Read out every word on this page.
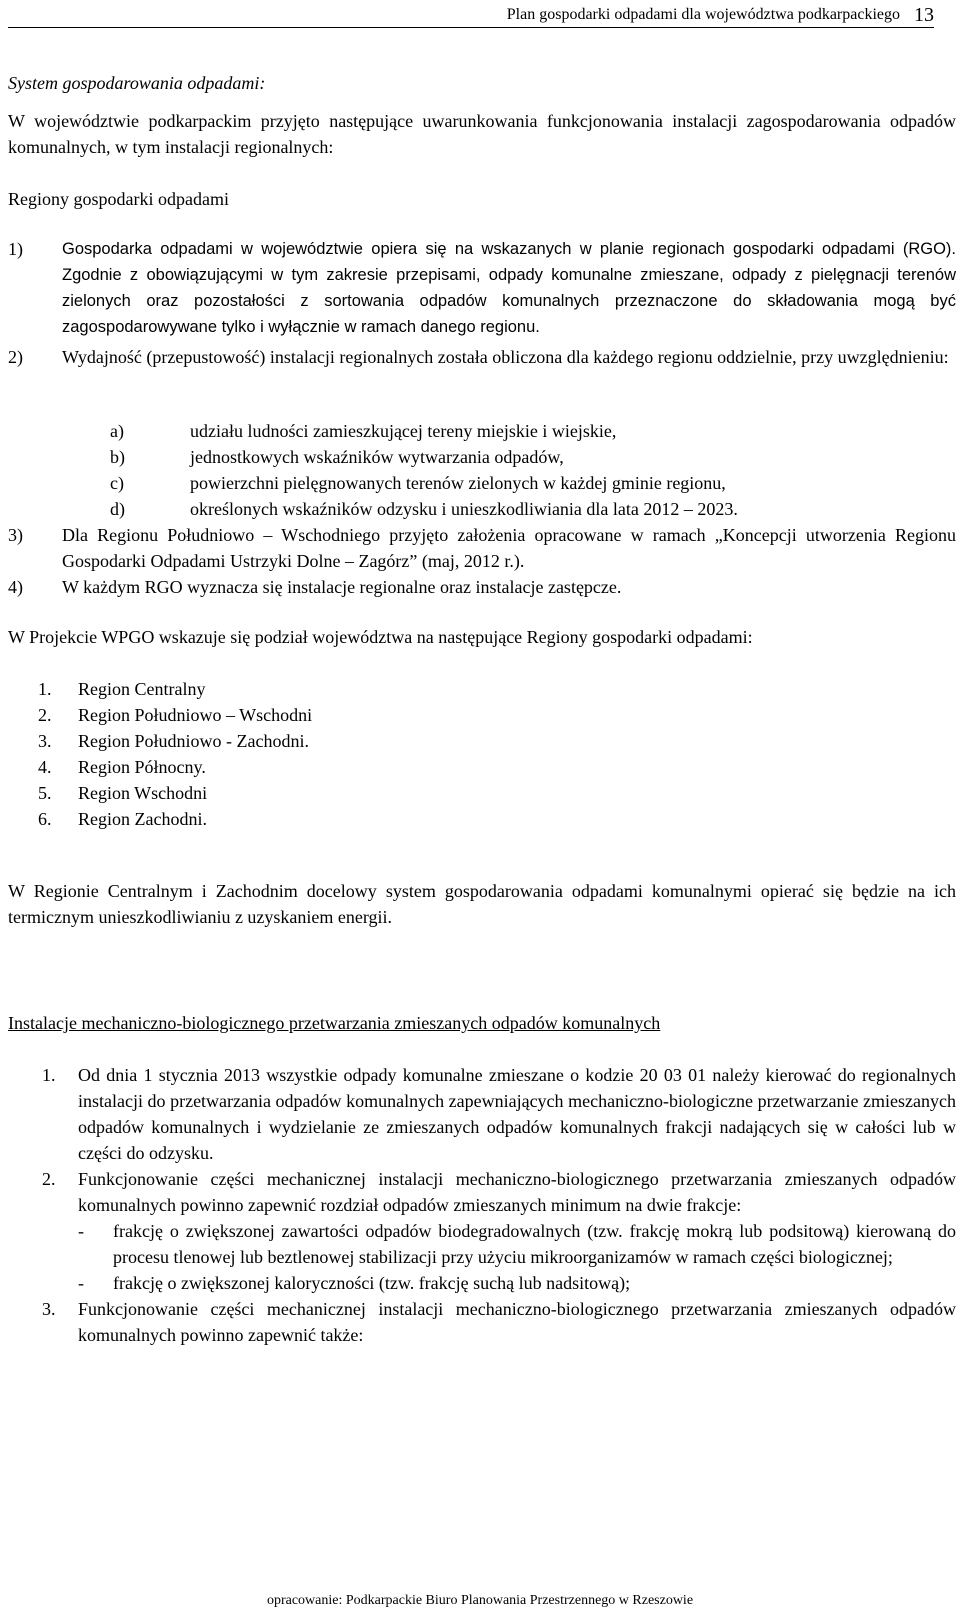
Plan gospodarki odpadami dla województwa podkarpackiego 13

System gospodarowania odpadami:

W województwie podkarpackim przyjęto następujące uwarunkowania funkcjonowania instalacji zagospodarowania odpadów komunalnych, w tym instalacji regionalnych:

Regiony gospodarki odpadami

1) Gospodarka odpadami w województwie opiera się na wskazanych w planie regionach gospodarki odpadami (RGO). Zgodnie z obowiązującymi w tym zakresie przepisami, odpady komunalne zmieszane, odpady z pielęgnacji terenów zielonych oraz pozostałości z sortowania odpadów komunalnych przeznaczone do składowania mogą być zagospodarowywane tylko i wyłącznie w ramach danego regionu.
2) Wydajność (przepustowość) instalacji regionalnych została obliczona dla każdego regionu oddzielnie, przy uwzględnieniu:
a)	udziału ludności zamieszkującej tereny miejskie i wiejskie,
b)	jednostkowych wskaźników wytwarzania odpadów,
c)	powierzchni pielęgnowanych terenów zielonych w każdej gminie regionu,
d)	określonych wskaźników odzysku i unieszkodliwiania dla lata 2012 – 2023.
3) Dla Regionu Południowo – Wschodniego przyjęto założenia opracowane w ramach „Koncepcji utworzenia Regionu Gospodarki Odpadami Ustrzyki Dolne – Zagórz” (maj, 2012 r.).
4) W każdym RGO wyznacza się instalacje regionalne oraz instalacje zastępcze.

W Projekcie WPGO wskazuje się podział województwa na następujące Regiony gospodarki odpadami:

1. Region Centralny
2. Region Południowo – Wschodni
3. Region Południowo - Zachodni.
4. Region Północny.
5. Region Wschodni
6. Region Zachodni.

W Regionie Centralnym i Zachodnim docelowy system gospodarowania odpadami komunalnymi opierać się będzie na ich termicznym unieszkodliwianiu z uzyskaniem energii.

Instalacje mechaniczno-biologicznego przetwarzania zmieszanych odpadów komunalnych

1. Od dnia 1 stycznia 2013 wszystkie odpady komunalne zmieszane o kodzie 20 03 01 należy kierować do regionalnych instalacji do przetwarzania odpadów komunalnych zapewniających mechaniczno-biologiczne przetwarzanie zmieszanych odpadów komunalnych i wydzielanie ze zmieszanych odpadów komunalnych frakcji nadających się w całości lub w części do odzysku.
2. Funkcjonowanie części mechanicznej instalacji mechaniczno-biologicznego przetwarzania zmieszanych odpadów komunalnych powinno zapewnić rozdział odpadów zmieszanych minimum na dwie frakcje:
- frakcję o zwiększonej zawartości odpadów biodegradowalnych (tzw. frakcję mokrą lub podsitową) kierowaną do procesu tlenowej lub beztlenowej stabilizacji przy użyciu mikroorganizamów w ramach części biologicznej;
- frakcję o zwiększonej kaloryczności (tzw. frakcję suchą lub nadsitową);
3. Funkcjonowanie części mechanicznej instalacji mechaniczno-biologicznego przetwarzania zmieszanych odpadów komunalnych powinno zapewnić także:
opracowanie: Podkarpackie Biuro Planowania Przestrzennego w Rzeszowie
